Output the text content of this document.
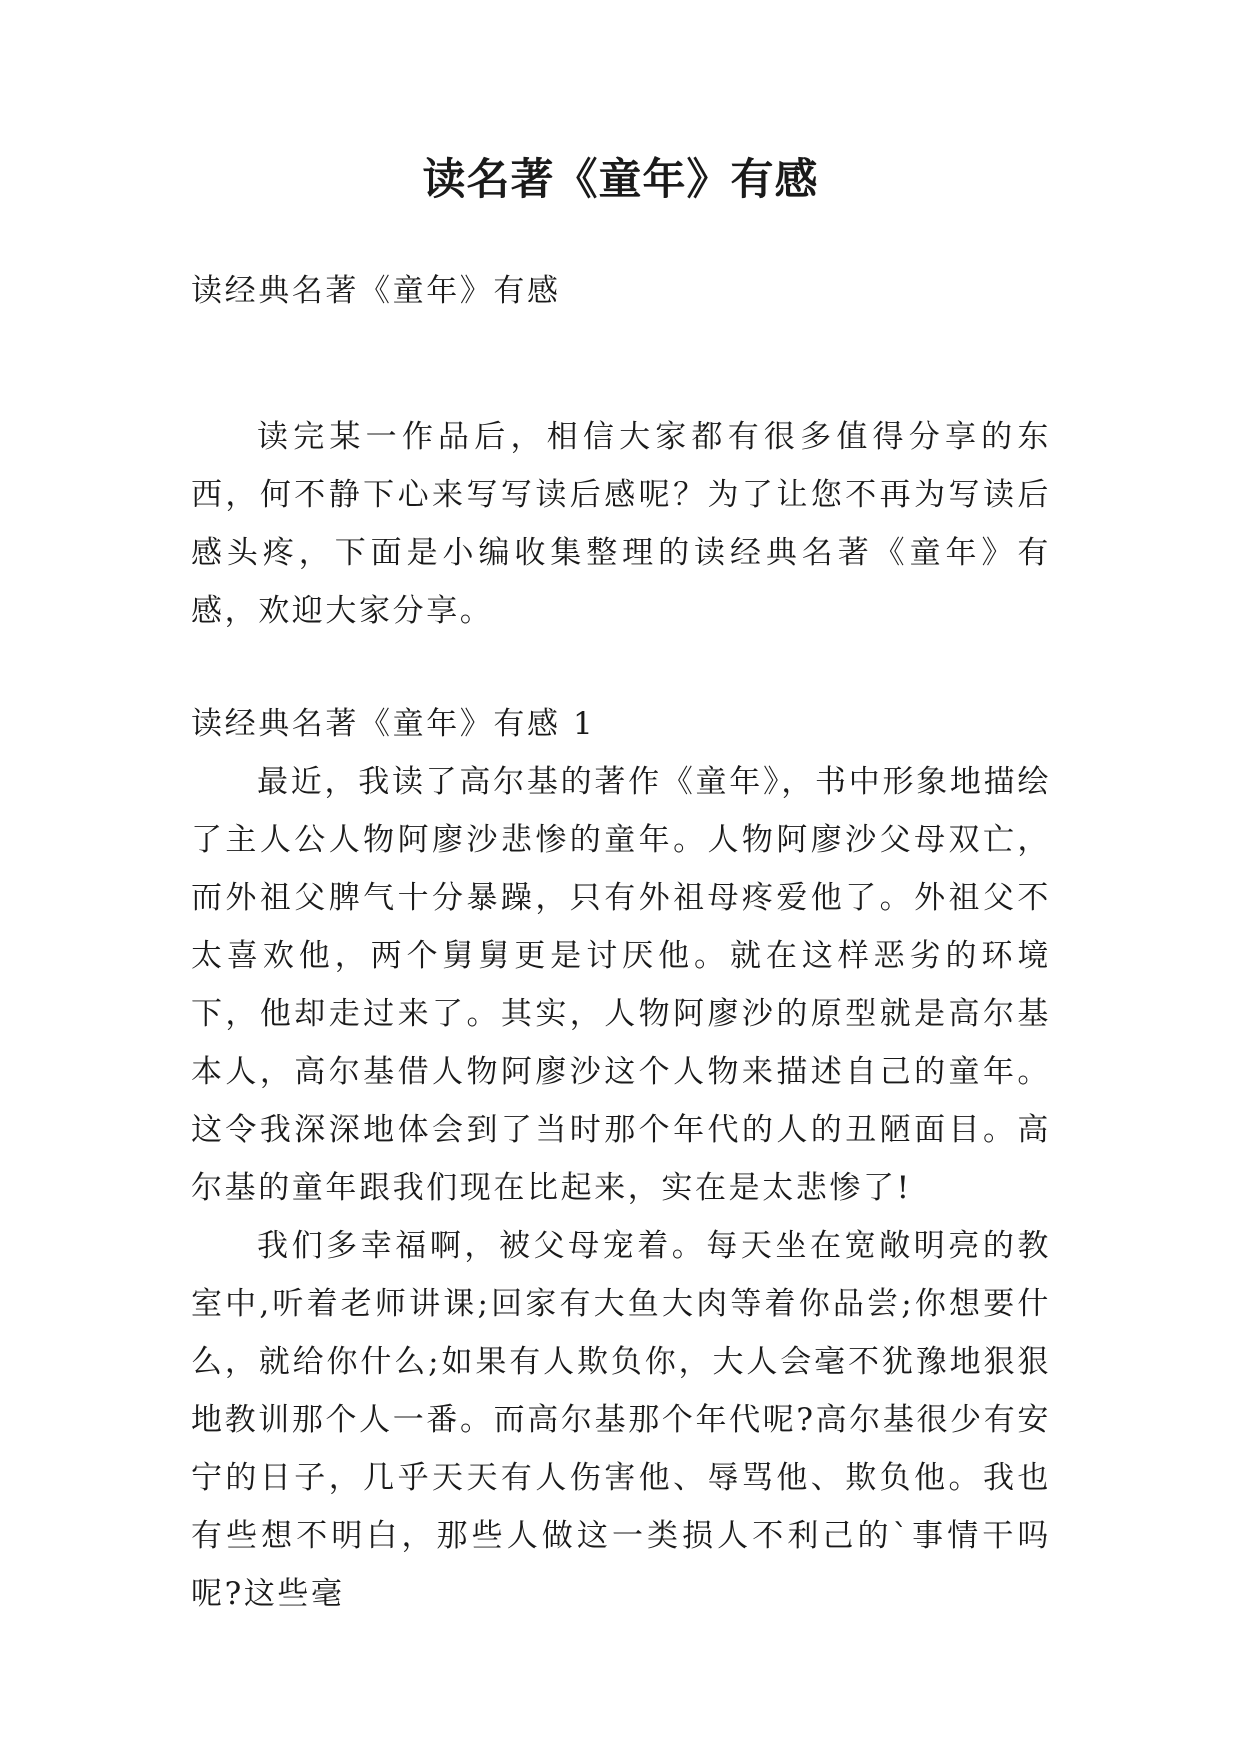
读名著《童年》有感

读经典名著《童年》有感

读完某一作品后，相信大家都有很多值得分享的东西，何不静下心来写写读后感呢？为了让您不再为写读后感头疼，下面是小编收集整理的读经典名著《童年》有感，欢迎大家分享。

读经典名著《童年》有感 1

最近，我读了高尔基的著作《童年》，书中形象地描绘了主人公人物阿廖沙悲惨的童年。人物阿廖沙父母双亡，而外祖父脾气十分暴躁，只有外祖母疼爱他了。外祖父不太喜欢他，两个舅舅更是讨厌他。就在这样恶劣的环境下，他却走过来了。其实，人物阿廖沙的原型就是高尔基本人，高尔基借人物阿廖沙这个人物来描述自己的童年。这令我深深地体会到了当时那个年代的人的丑陋面目。高尔基的童年跟我们现在比起来，实在是太悲惨了!

我们多幸福啊，被父母宠着。每天坐在宽敞明亮的教室中,听着老师讲课;回家有大鱼大肉等着你品尝;你想要什么，就给你什么;如果有人欺负你，大人会毫不犹豫地狠狠地教训那个人一番。而高尔基那个年代呢?高尔基很少有安宁的日子，几乎天天有人伤害他、辱骂他、欺负他。我也有些想不明白，那些人做这一类损人不利己的`事情干吗呢?这些毫
